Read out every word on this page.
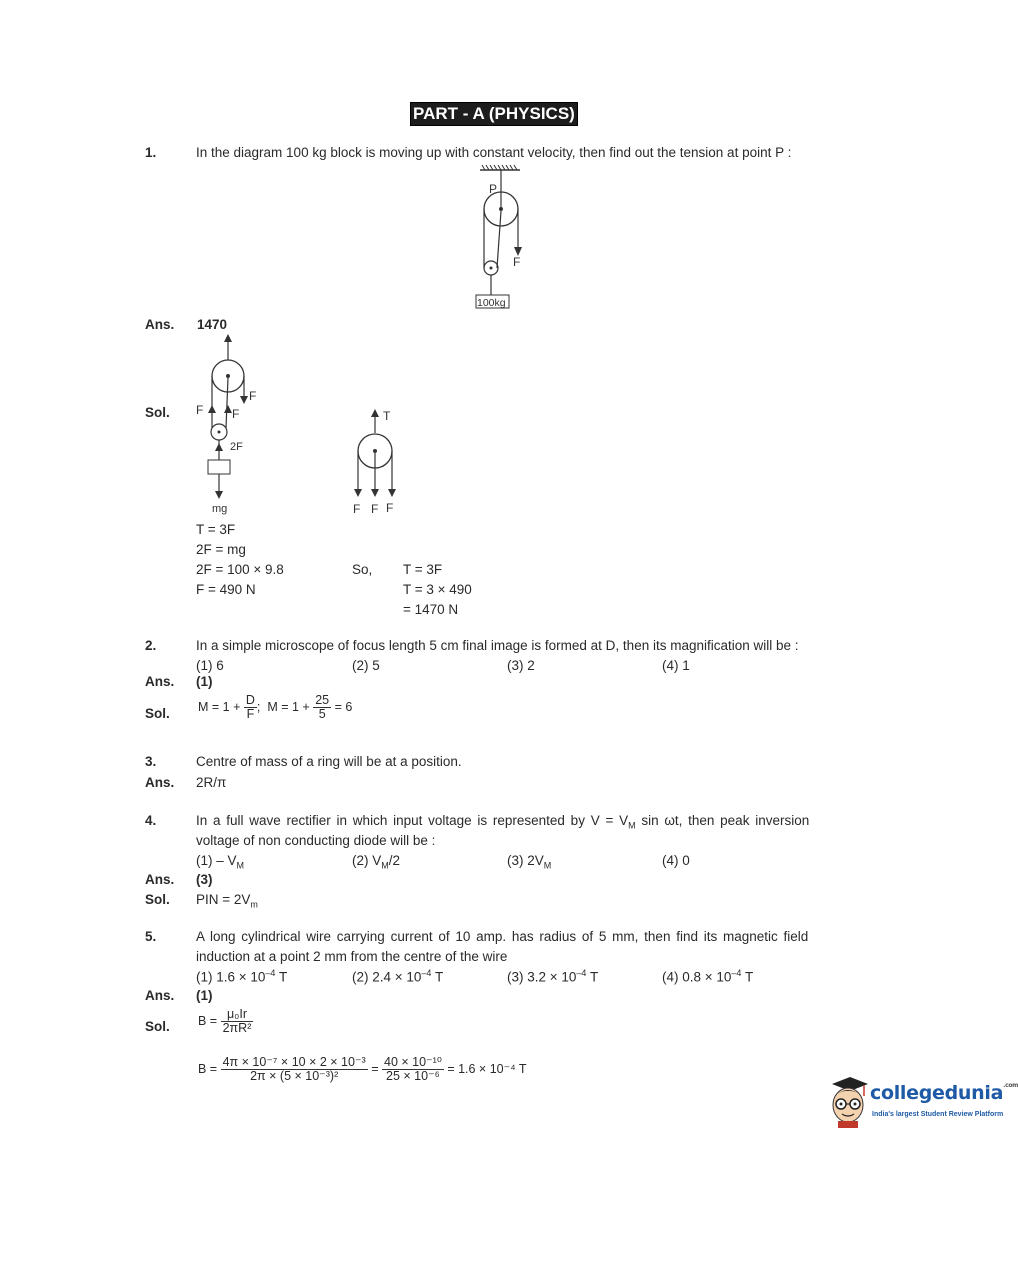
PART - A (PHYSICS)
1.	In the diagram 100 kg block is moving up with constant velocity, then find out the tension at point P :
P
F
100kg
Ans. 1470
Sol.
F
F F
2F
mg
T
F F F
T = 3F
2F = mg
2F = 100 × 9.8
F = 490 N
So, T = 3F
T = 3 × 490
= 1470 N
2.	In a simple microscope of focus length 5 cm final image is formed at D, then its magnification will be :
(1) 6	(2) 5	(3) 2	(4) 1
Ans. (1)
Sol. $M = 1 + \frac{D}{F}$ ; $M = 1 + \frac{25}{5} = 6$
3.	Centre of mass of a ring will be at a position.
Ans. 2R/π
4.	In a full wave rectifier in which input voltage is represented by $V = V_M$ sin ωt, then peak inversion
voltage of non conducting diode will be :
$(1) - V_M$	(2) $V_M/2$	(3) $2V_M$	(4) 0
Ans. (3)
Sol. PIN = $2V_m$
5.	A long cylindrical wire carrying current of 10 amp. has radius of 5 mm, then find its magnetic field
induction at a point 2 mm from the centre of the wire
(1) $1.6 \times 10^{-4}$ T	(2) $2.4 \times 10^{-4}$ T	(3) $3.2 \times 10^{-4}$ T	(4) $0.8 \times 10^{-4}$ T
Ans. (1)
Sol. $B = \frac{\text{μ₀Ir}}{\text{2πR²}}$
$B = \frac{\text{4π × 10⁻⁷ × 10 × 2 × 10⁻³}}{\text{2π × (5 × 10⁻³)²}} = \frac{\text{40 × 10⁻¹⁰}}{\text{25 × 10⁻⁶}} = 1.6 \times 10^{-4}$ T
collegedunia$^{.com}$
India's largest Student Review Platform
